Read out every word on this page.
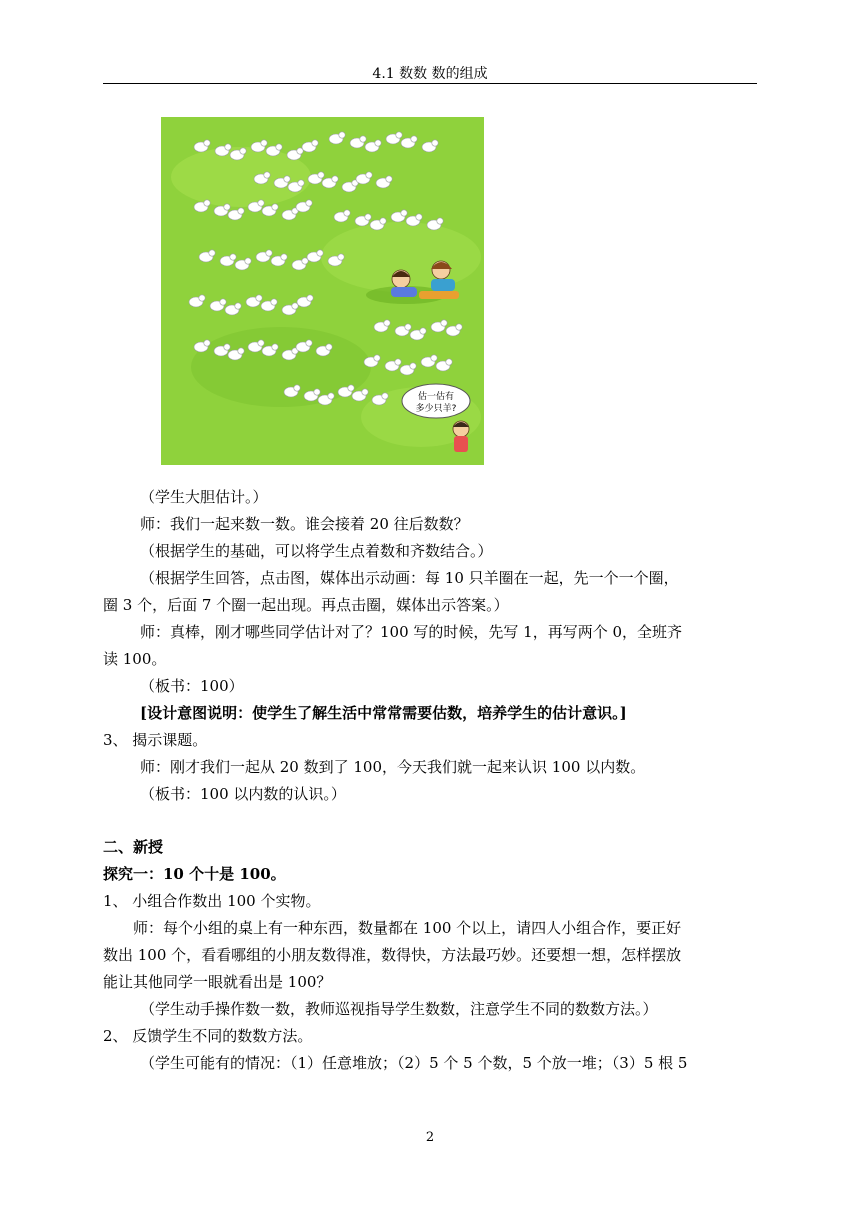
4.1 数数 数的组成
估一估有
多少只羊?
（学生大胆估计。）
师：我们一起来数一数。谁会接着 20 往后数数？
（根据学生的基础，可以将学生点着数和齐数结合。）
（根据学生回答，点击图，媒体出示动画：每 10 只羊圈在一起，先一个一个圈，
圈 3 个，后面 7 个圈一起出现。再点击圈，媒体出示答案。）
师：真棒，刚才哪些同学估计对了？100 写的时候，先写 1，再写两个 0，全班齐
读 100。
（板书：100）
[设计意图说明：使学生了解生活中常常需要估数，培养学生的估计意识。]
3、 揭示课题。
师：刚才我们一起从 20 数到了 100，今天我们就一起来认识 100 以内数。
（板书：100 以内数的认识。）
二、新授
探究一：10 个十是 100。
1、 小组合作数出 100 个实物。
师：每个小组的桌上有一种东西，数量都在 100 个以上，请四人小组合作，要正好
数出 100 个，看看哪组的小朋友数得准，数得快，方法最巧妙。还要想一想，怎样摆放
能让其他同学一眼就看出是 100？
（学生动手操作数一数，教师巡视指导学生数数，注意学生不同的数数方法。）
2、 反馈学生不同的数数方法。
（学生可能有的情况：（1）任意堆放；（2）5 个 5 个数，5 个放一堆；（3）5 根 5
2
